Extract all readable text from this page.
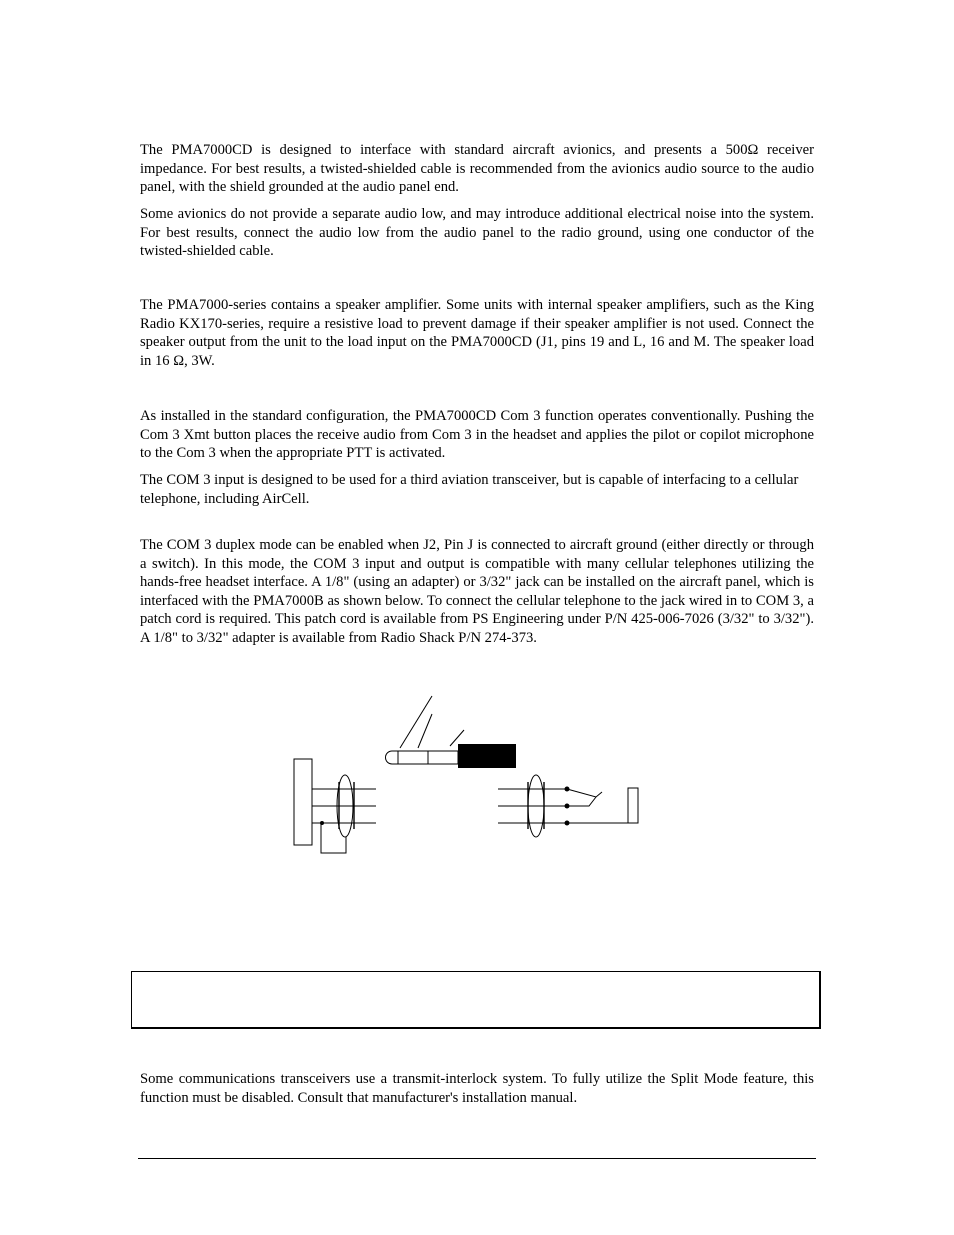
The PMA7000CD is designed to interface with standard aircraft avionics, and presents a 500Ω receiver impedance. For best results, a twisted-shielded cable is recommended from the avionics audio source to the audio panel, with the shield grounded at the audio panel end.

Some avionics do not provide a separate audio low, and may introduce additional electrical noise into the system. For best results, connect the audio low from the audio panel to the radio ground, using one conductor of the twisted-shielded cable.

The PMA7000-series contains a speaker amplifier. Some units with internal speaker amplifiers, such as the King Radio KX170-series, require a resistive load to prevent damage if their speaker amplifier is not used. Connect the speaker output from the unit to the load input on the PMA7000CD (J1, pins 19 and L, 16 and M. The speaker load in 16 Ω, 3W.

As installed in the standard configuration, the PMA7000CD Com 3 function operates conventionally. Pushing the Com 3 Xmt button places the receive audio from Com 3 in the headset and applies the pilot or copilot microphone to the Com 3 when the appropriate PTT is activated.

The COM 3 input is designed to be used for a third aviation transceiver, but is capable of interfacing to a cellular telephone, including AirCell.

The COM 3 duplex mode can be enabled when J2, Pin J is connected to aircraft ground (either directly or through a switch). In this mode, the COM 3 input and output is compatible with many cellular telephones utilizing the hands-free headset interface. A 1/8" (using an adapter) or 3/32" jack can be installed on the aircraft panel, which is interfaced with the PMA7000B as shown below. To connect the cellular telephone to the jack wired in to COM 3, a patch cord is required. This patch cord is available from PS Engineering under P/N 425-006-7026 (3/32" to 3/32"). A 1/8" to 3/32" adapter is available from Radio Shack P/N 274-373.

Some communications transceivers use a transmit-interlock system. To fully utilize the Split Mode feature, this function must be disabled. Consult that manufacturer's installation manual.
